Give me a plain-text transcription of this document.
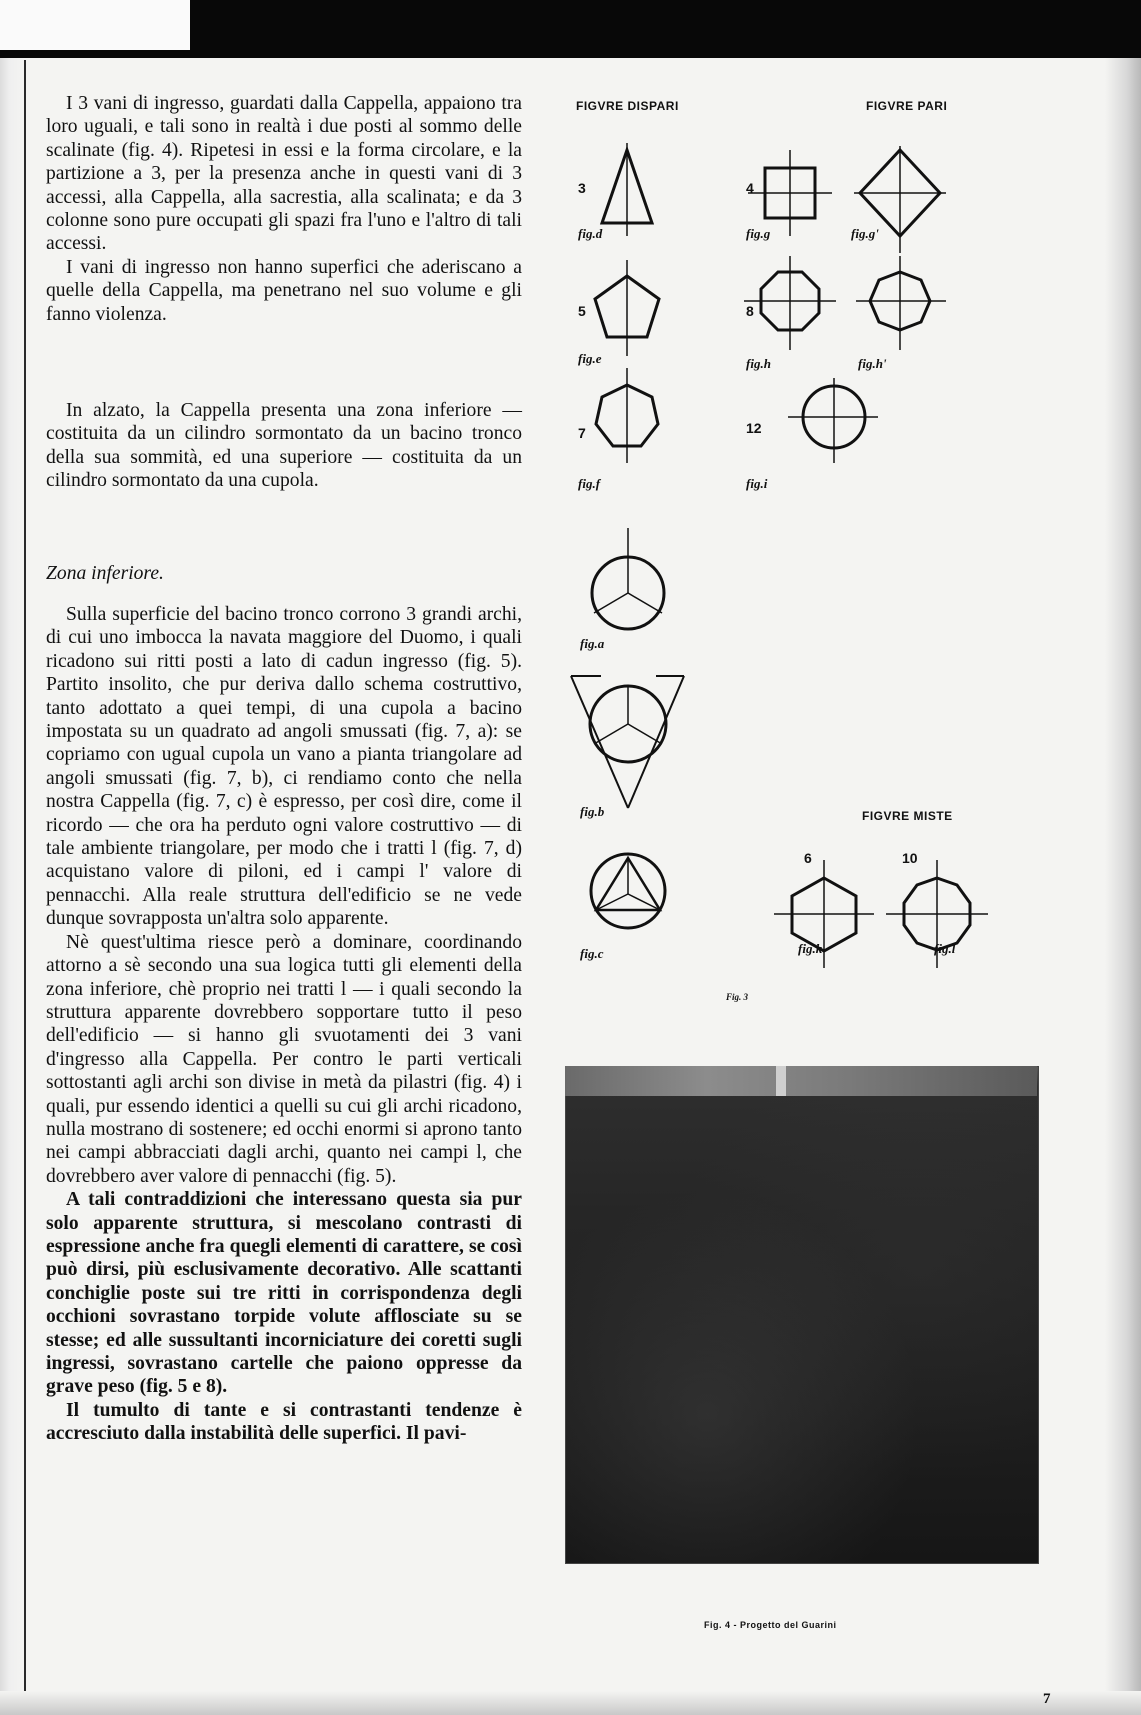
I 3 vani di ingresso, guardati dalla Cappella, appaiono tra loro uguali, e tali sono in realtà i due posti al sommo delle scalinate (fig. 4). Ripetesi in essi e la forma circolare, e la partizione a 3, per la presenza anche in questi vani di 3 accessi, alla Cappella, alla sacrestia, alla scalinata; e da 3 colonne sono pure occupati gli spazi fra l'uno e l'altro di tali accessi.

I vani di ingresso non hanno superfici che aderiscano a quelle della Cappella, ma penetrano nel suo volume e gli fanno violenza.

In alzato, la Cappella presenta una zona inferiore — costituita da un cilindro sormontato da un bacino tronco della sua sommità, ed una superiore — costituita da un cilindro sormontato da una cupola.

Zona inferiore.

Sulla superficie del bacino tronco corrono 3 grandi archi, di cui uno imbocca la navata maggiore del Duomo, i quali ricadono sui ritti posti a lato di cadun ingresso (fig. 5). Partito insolito, che pur deriva dallo schema costruttivo, tanto adottato a quei tempi, di una cupola a bacino impostata su un quadrato ad angoli smussati (fig. 7, a): se copriamo con ugual cupola un vano a pianta triangolare ad angoli smussati (fig. 7, b), ci rendiamo conto che nella nostra Cappella (fig. 7, c) è espresso, per così dire, come il ricordo — che ora ha perduto ogni valore costruttivo — di tale ambiente triangolare, per modo che i tratti l (fig. 7, d) acquistano valore di piloni, ed i campi l' valore di pennacchi. Alla reale struttura dell'edificio se ne vede dunque sovrapposta un'altra solo apparente.

Nè quest'ultima riesce però a dominare, coordinando attorno a sè secondo una sua logica tutti gli elementi della zona inferiore, chè proprio nei tratti l — i quali secondo la struttura apparente dovrebbero sopportare tutto il peso dell'edificio — si hanno gli svuotamenti dei 3 vani d'ingresso alla Cappella. Per contro le parti verticali sottostanti agli archi son divise in metà da pilastri (fig. 4) i quali, pur essendo identici a quelli su cui gli archi ricadono, nulla mostrano di sostenere; ed occhi enormi si aprono tanto nei campi abbracciati dagli archi, quanto nei campi l, che dovrebbero aver valore di pennacchi (fig. 5).

A tali contraddizioni che interessano questa sia pur solo apparente struttura, si mescolano contrasti di espressione anche fra quegli elementi di carattere, se così può dirsi, più esclusivamente decorativo. Alle scattanti conchiglie poste sui tre ritti in corrispondenza degli occhioni sovrastano torpide volute afflosciate su se stesse; ed alle sussultanti incorniciature dei coretti sugli ingressi, sovrastano cartelle che paiono oppresse da grave peso (fig. 5 e 8).

Il tumulto di tante e si contrastanti tendenze è accresciuto dalla instabilità delle superfici. Il pavi-

FIGVRE DISPARI	FIGVRE PARI
FIGVRE MISTE
3
fig.d
5
fig.e
7
fig.f
4
fig.g	fig.g'
8
fig.h	fig.h'
12
fig.i
fig.a
fig.b
fig.c
6
fig.k
10
fig.l
Fig. 3
Fig. 4 - Progetto del Guarini
7
